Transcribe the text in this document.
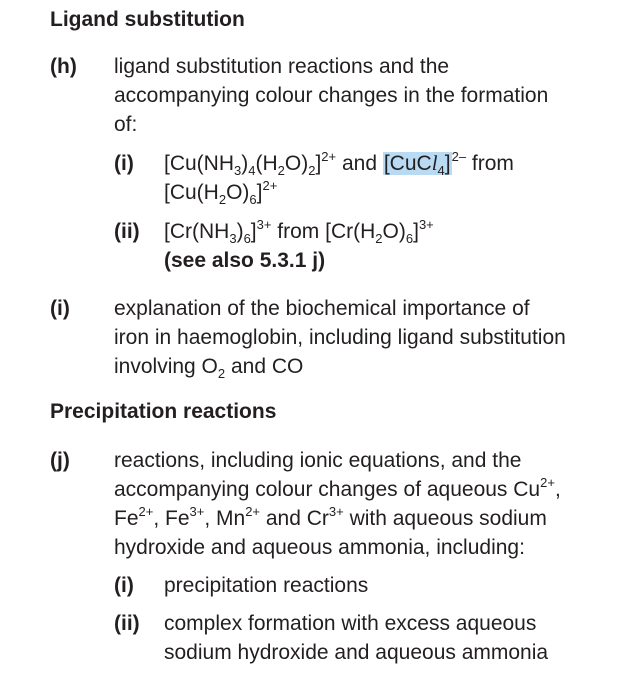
Ligand substitution
(h) ligand substitution reactions and the
accompanying colour changes in the formation
of:
(i) $[Cu(NH_3)_4(H_2O)_2]^{2+}$ and [CuCl$_4$]$^{2-}$ from
$[Cu(H_2O)_6]^{2+}$
(ii) $[Cr(NH_3)_6]^{3+}$ from $[Cr(H_2O)_6]^{3+}$
(see also 5.3.1 j)
(i) explanation of the biochemical importance of
iron in haemoglobin, including ligand substitution
involving $O_2$ and CO
Precipitation reactions
(j) reactions, including ionic equations, and the
accompanying colour changes of aqueous $Cu^{2+}$,
$Fe^{2+}$, $Fe^{3+}$, $Mn^{2+}$ and $Cr^{3+}$ with aqueous sodium
hydroxide and aqueous ammonia, including:
(i) precipitation reactions
(ii) complex formation with excess aqueous
sodium hydroxide and aqueous ammonia
